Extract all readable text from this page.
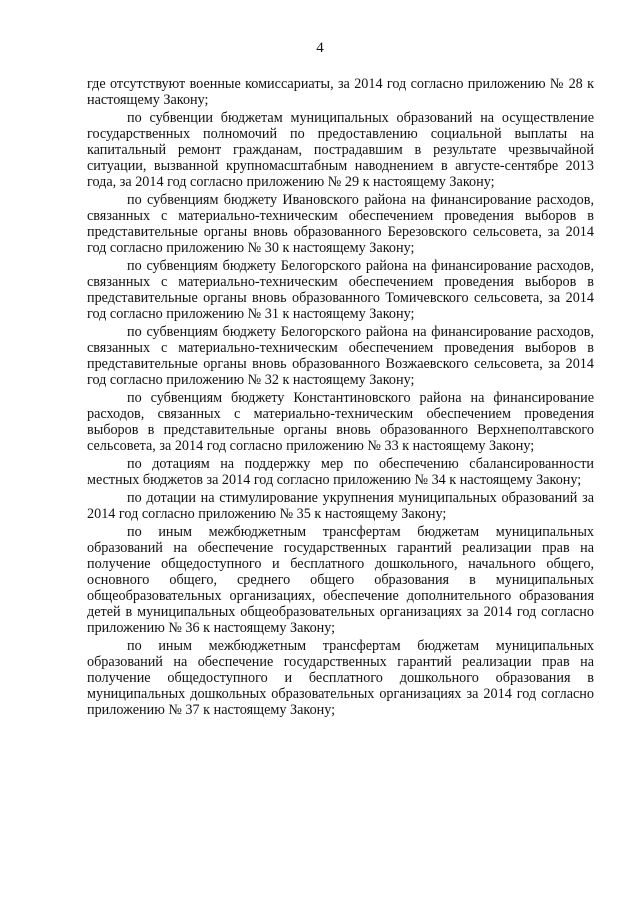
4

где отсутствуют военные комиссариаты, за 2014 год согласно приложению № 28 к настоящему Закону;

по субвенции бюджетам муниципальных образований на осуществление государственных полномочий по предоставлению социальной выплаты на капитальный ремонт гражданам, пострадавшим в результате чрезвычайной ситуации, вызванной крупномасштабным наводнением в августе-сентябре 2013 года, за 2014 год согласно приложению № 29 к настоящему Закону;

по субвенциям бюджету Ивановского района на финансирование расходов, связанных с материально-техническим обеспечением проведения выборов в представительные органы вновь образованного Березовского сельсовета, за 2014 год согласно приложению № 30 к настоящему Закону;

по субвенциям бюджету Белогорского района на финансирование расходов, связанных с материально-техническим обеспечением проведения выборов в представительные органы вновь образованного Томичевского сельсовета, за 2014 год согласно приложению № 31 к настоящему Закону;

по субвенциям бюджету Белогорского района на финансирование расходов, связанных с материально-техническим обеспечением проведения выборов в представительные органы вновь образованного Возжаевского сельсовета, за 2014 год согласно приложению № 32 к настоящему Закону;

по субвенциям бюджету Константиновского района на финансирование расходов, связанных с материально-техническим обеспечением проведения выборов в представительные органы вновь образованного Верхнеполтавского сельсовета, за 2014 год согласно приложению № 33 к настоящему Закону;

по дотациям на поддержку мер по обеспечению сбалансированности местных бюджетов за 2014 год согласно приложению № 34 к настоящему Закону;

по дотации на стимулирование укрупнения муниципальных образований за 2014 год согласно приложению № 35 к настоящему Закону;

по иным межбюджетным трансфертам бюджетам муниципальных образований на обеспечение государственных гарантий реализации прав на получение общедоступного и бесплатного дошкольного, начального общего, основного общего, среднего общего образования в муниципальных общеобразовательных организациях, обеспечение дополнительного образования детей в муниципальных общеобразовательных организациях за 2014 год согласно приложению № 36 к настоящему Закону;

по иным межбюджетным трансфертам бюджетам муниципальных образований на обеспечение государственных гарантий реализации прав на получение общедоступного и бесплатного дошкольного образования в муниципальных дошкольных образовательных организациях за 2014 год согласно приложению № 37 к настоящему Закону;
